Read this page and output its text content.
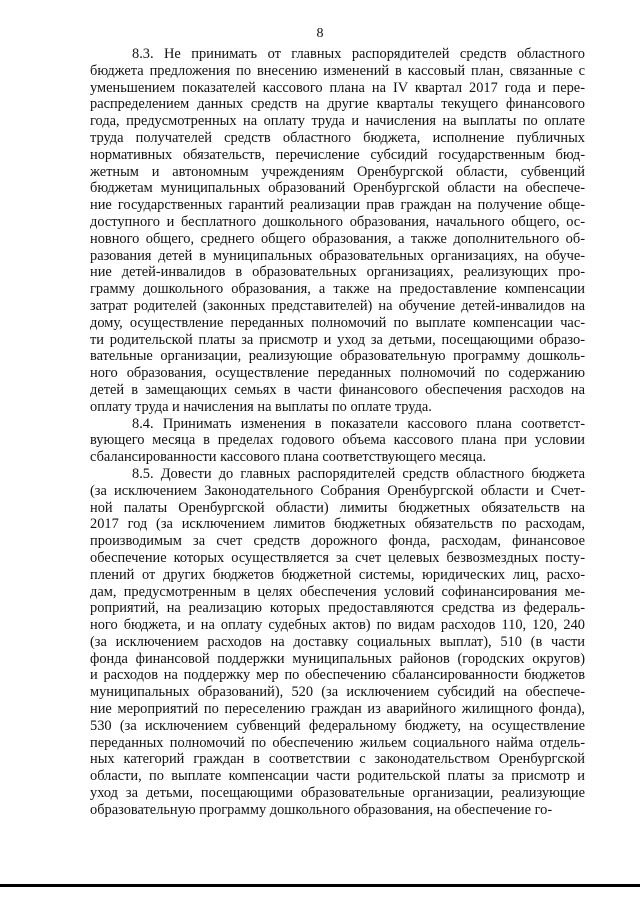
8
8.3. Не принимать от главных распорядителей средств областного
бюджета предложения по внесению изменений в кассовый план, связанные с
уменьшением показателей кассового плана на IV квартал 2017 года и пере-
распределением данных средств на другие кварталы текущего финансового
года, предусмотренных на оплату труда и начисления на выплаты по оплате
труда получателей средств областного бюджета, исполнение публичных
нормативных обязательств, перечисление субсидий государственным бюд-
жетным и автономным учреждениям Оренбургской области, субвенций
бюджетам муниципальных образований Оренбургской области на обеспече-
ние государственных гарантий реализации прав граждан на получение обще-
доступного и бесплатного дошкольного образования, начального общего, ос-
новного общего, среднего общего образования, а также дополнительного об-
разования детей в муниципальных образовательных организациях, на обуче-
ние детей-инвалидов в образовательных организациях, реализующих про-
грамму дошкольного образования, а также на предоставление компенсации
затрат родителей (законных представителей) на обучение детей-инвалидов на
дому, осуществление переданных полномочий по выплате компенсации час-
ти родительской платы за присмотр и уход за детьми, посещающими образо-
вательные организации, реализующие образовательную программу дошколь-
ного образования, осуществление переданных полномочий по содержанию
детей в замещающих семьях в части финансового обеспечения расходов на
оплату труда и начисления на выплаты по оплате труда.
8.4. Принимать изменения в показатели кассового плана соответст-
вующего месяца в пределах годового объема кассового плана при условии
сбалансированности кассового плана соответствующего месяца.
8.5. Довести до главных распорядителей средств областного бюджета
(за исключением Законодательного Собрания Оренбургской области и Счет-
ной палаты Оренбургской области) лимиты бюджетных обязательств на
2017 год (за исключением лимитов бюджетных обязательств по расходам,
производимым за счет средств дорожного фонда, расходам, финансовое
обеспечение которых осуществляется за счет целевых безвозмездных посту-
плений от других бюджетов бюджетной системы, юридических лиц, расхо-
дам, предусмотренным в целях обеспечения условий софинансирования ме-
роприятий, на реализацию которых предоставляются средства из федераль-
ного бюджета, и на оплату судебных актов) по видам расходов 110, 120, 240
(за исключением расходов на доставку социальных выплат), 510 (в части
фонда финансовой поддержки муниципальных районов (городских округов)
и расходов на поддержку мер по обеспечению сбалансированности бюджетов
муниципальных образований), 520 (за исключением субсидий на обеспече-
ние мероприятий по переселению граждан из аварийного жилищного фонда),
530 (за исключением субвенций федеральному бюджету, на осуществление
переданных полномочий по обеспечению жильем социального найма отдель-
ных категорий граждан в соответствии с законодательством Оренбургской
области, по выплате компенсации части родительской платы за присмотр и
уход за детьми, посещающими образовательные организации, реализующие
образовательную программу дошкольного образования, на обеспечение го-
